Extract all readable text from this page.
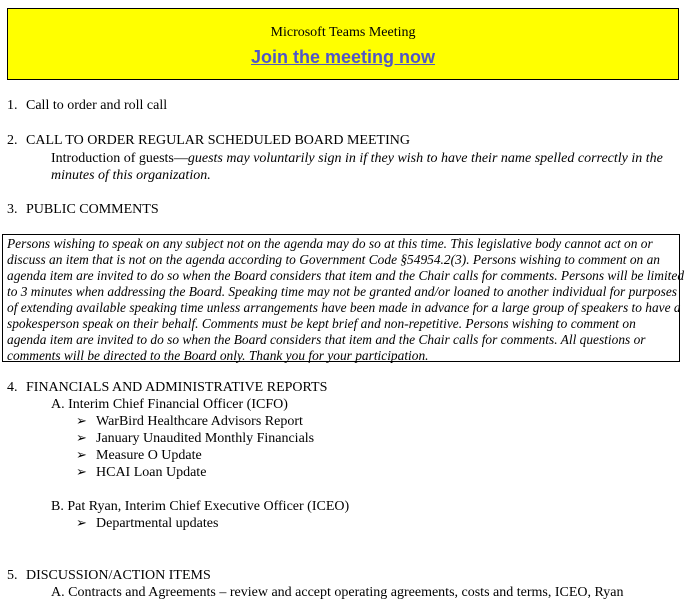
Microsoft Teams Meeting
Join the meeting now
1. Call to order and roll call
2. CALL TO ORDER REGULAR SCHEDULED BOARD MEETING
Introduction of guests—guests may voluntarily sign in if they wish to have their name spelled correctly in the
minutes of this organization.
3. PUBLIC COMMENTS
Persons wishing to speak on any subject not on the agenda may do so at this time. This legislative body cannot act on or
discuss an item that is not on the agenda according to Government Code §54954.2(3). Persons wishing to comment on an
agenda item are invited to do so when the Board considers that item and the Chair calls for comments. Persons will be limited
to 3 minutes when addressing the Board. Speaking time may not be granted and/or loaned to another individual for purposes
of extending available speaking time unless arrangements have been made in advance for a large group of speakers to have a
spokesperson speak on their behalf. Comments must be kept brief and non-repetitive. Persons wishing to comment on
agenda item are invited to do so when the Board considers that item and the Chair calls for comments. All questions or
comments will be directed to the Board only. Thank you for your participation.
4. FINANCIALS AND ADMINISTRATIVE REPORTS
A. Interim Chief Financial Officer (ICFO)
➢ WarBird Healthcare Advisors Report
➢ January Unaudited Monthly Financials
➢ Measure O Update
➢ HCAI Loan Update
B. Pat Ryan, Interim Chief Executive Officer (ICEO)
➢ Departmental updates
5. DISCUSSION/ACTION ITEMS
A. Contracts and Agreements – review and accept operating agreements, costs and terms, ICEO, Ryan
